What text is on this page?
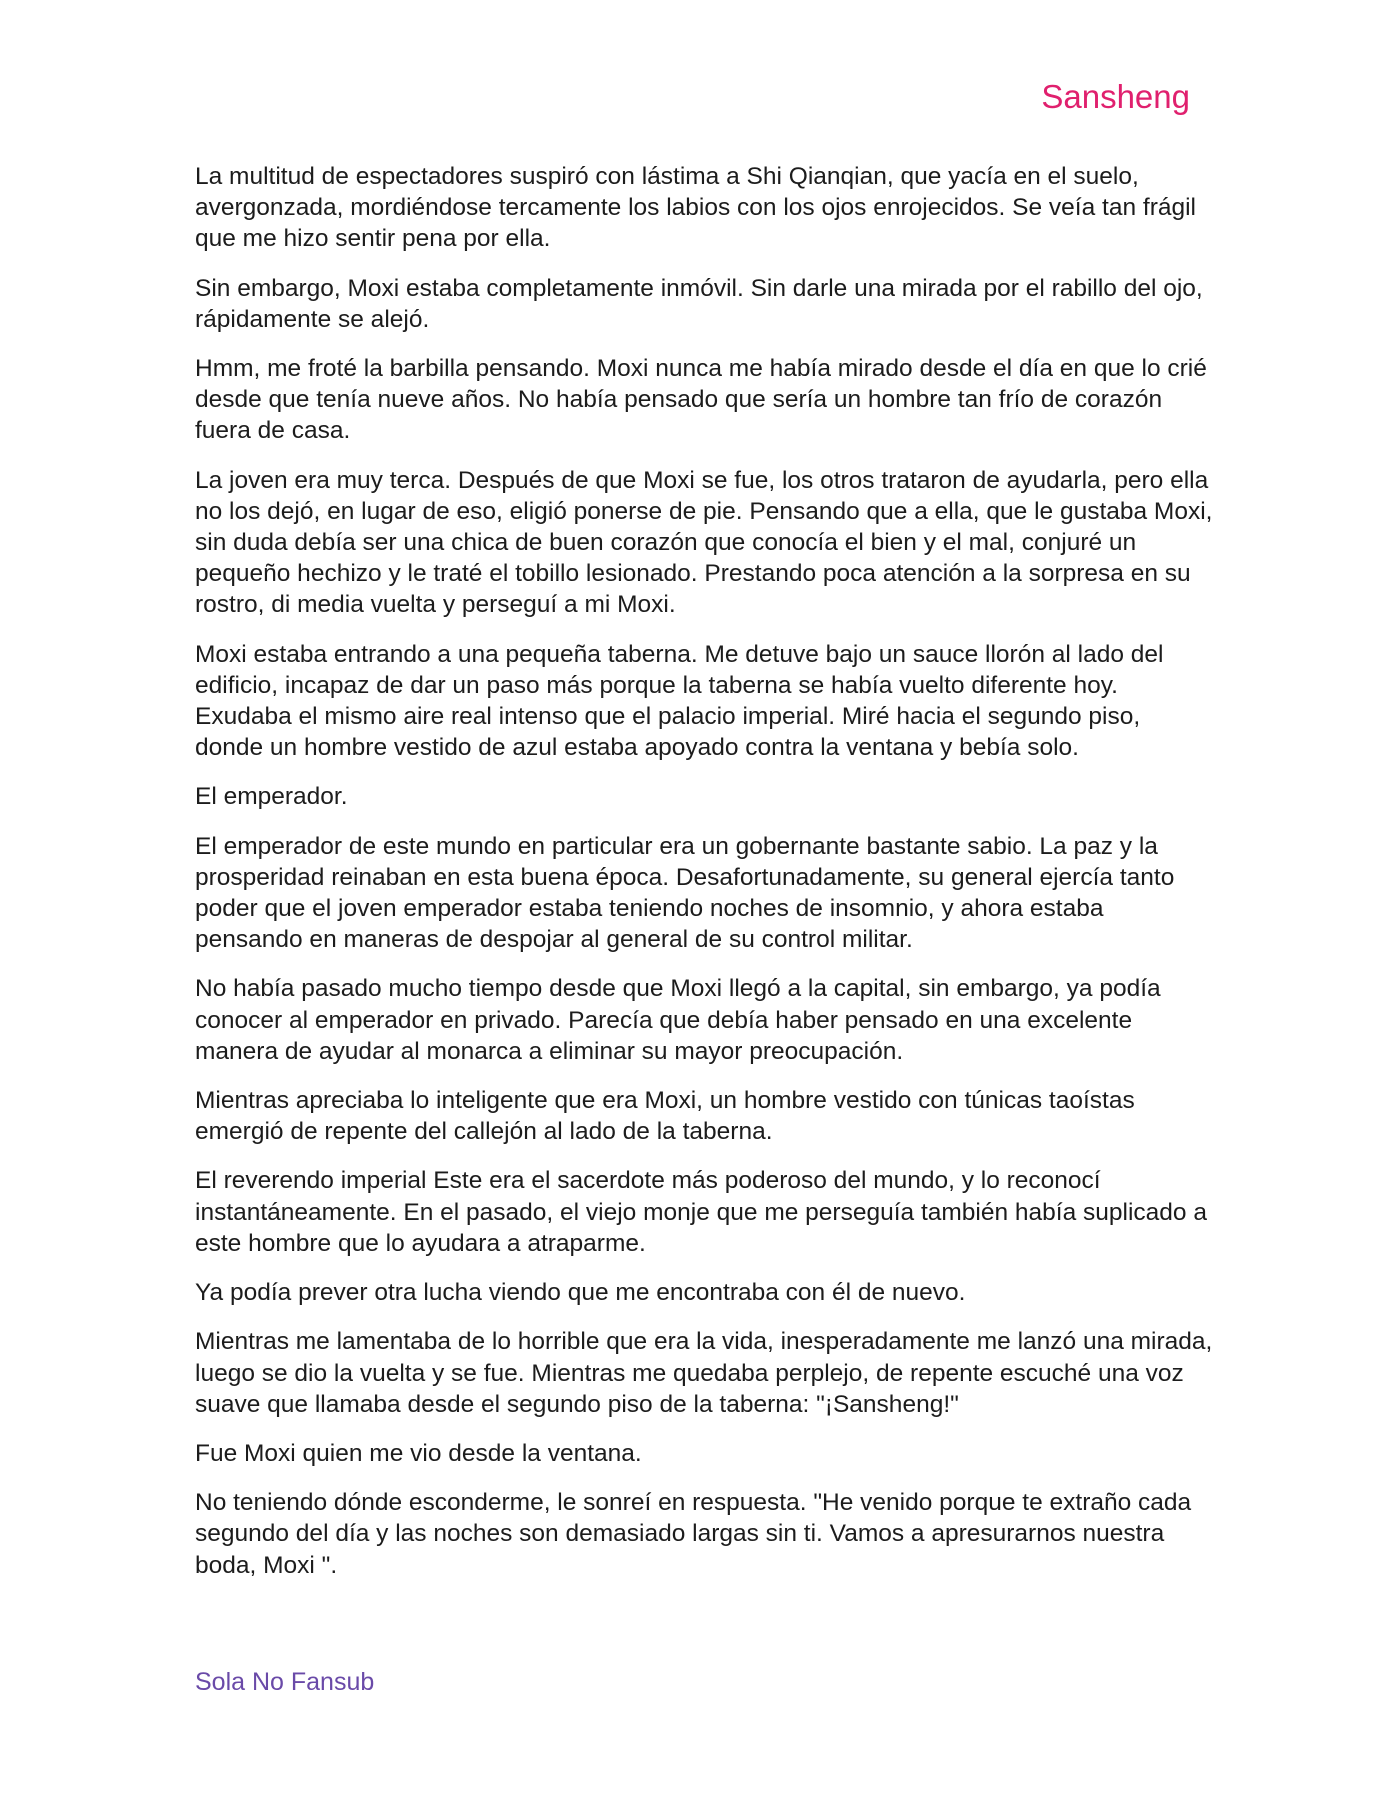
Sansheng

La multitud de espectadores suspiró con lástima a Shi Qianqian, que yacía en el suelo, avergonzada, mordiéndose tercamente los labios con los ojos enrojecidos. Se veía tan frágil que me hizo sentir pena por ella.

Sin embargo, Moxi estaba completamente inmóvil. Sin darle una mirada por el rabillo del ojo, rápidamente se alejó.

Hmm, me froté la barbilla pensando. Moxi nunca me había mirado desde el día en que lo crié desde que tenía nueve años. No había pensado que sería un hombre tan frío de corazón fuera de casa.

La joven era muy terca. Después de que Moxi se fue, los otros trataron de ayudarla, pero ella no los dejó, en lugar de eso, eligió ponerse de pie. Pensando que a ella, que le gustaba Moxi, sin duda debía ser una chica de buen corazón que conocía el bien y el mal, conjuré un pequeño hechizo y le traté el tobillo lesionado. Prestando poca atención a la sorpresa en su rostro, di media vuelta y perseguí a mi Moxi.

Moxi estaba entrando a una pequeña taberna. Me detuve bajo un sauce llorón al lado del edificio, incapaz de dar un paso más porque la taberna se había vuelto diferente hoy. Exudaba el mismo aire real intenso que el palacio imperial. Miré hacia el segundo piso, donde un hombre vestido de azul estaba apoyado contra la ventana y bebía solo.

El emperador.

El emperador de este mundo en particular era un gobernante bastante sabio. La paz y la prosperidad reinaban en esta buena época. Desafortunadamente, su general ejercía tanto poder que el joven emperador estaba teniendo noches de insomnio, y ahora estaba pensando en maneras de despojar al general de su control militar.

No había pasado mucho tiempo desde que Moxi llegó a la capital, sin embargo, ya podía conocer al emperador en privado. Parecía que debía haber pensado en una excelente manera de ayudar al monarca a eliminar su mayor preocupación.

Mientras apreciaba lo inteligente que era Moxi, un hombre vestido con túnicas taoístas emergió de repente del callejón al lado de la taberna.

El reverendo imperial Este era el sacerdote más poderoso del mundo, y lo reconocí instantáneamente. En el pasado, el viejo monje que me perseguía también había suplicado a este hombre que lo ayudara a atraparme.

Ya podía prever otra lucha viendo que me encontraba con él de nuevo.

Mientras me lamentaba de lo horrible que era la vida, inesperadamente me lanzó una mirada, luego se dio la vuelta y se fue. Mientras me quedaba perplejo, de repente escuché una voz suave que llamaba desde el segundo piso de la taberna: "¡Sansheng!"

Fue Moxi quien me vio desde la ventana.

No teniendo dónde esconderme, le sonreí en respuesta. "He venido porque te extraño cada segundo del día y las noches son demasiado largas sin ti. Vamos a apresurarnos nuestra boda, Moxi ".

Sola No Fansub
